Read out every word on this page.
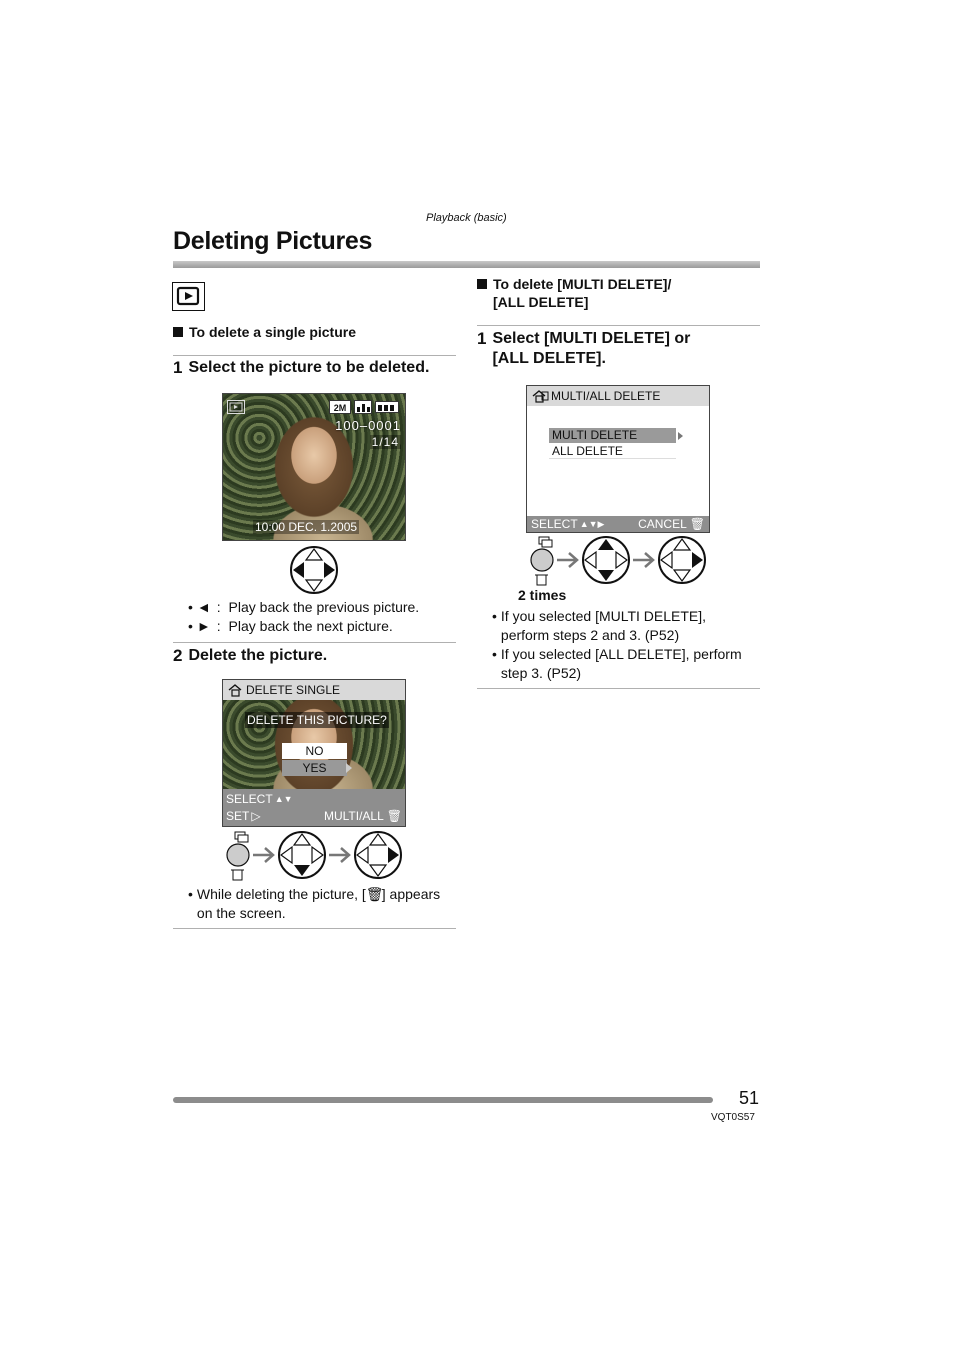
Playback (basic)
Deleting Pictures
To delete a single picture
1 Select the picture to be deleted.
2M
100–0001
1/14
10:00 DEC. 1.2005
• ◄ : Play back the previous picture.
• ► : Play back the next picture.
2 Delete the picture.
DELETE SINGLE
DELETE THIS PICTURE?
NO
YES
SELECT ▲▼
SET ▷	MULTI/ALL 🗑
• While deleting the picture, [🗑] appears on the screen.
To delete [MULTI DELETE]/
[ALL DELETE]
1 Select [MULTI DELETE] or
[ALL DELETE].
MULTI/ALL DELETE
MULTI DELETE
ALL DELETE
SELECT ▲▼▶	CANCEL 🗑
2 times
• If you selected [MULTI DELETE],
perform steps 2 and 3. (P52)
• If you selected [ALL DELETE], perform
step 3. (P52)
51
VQT0S57
